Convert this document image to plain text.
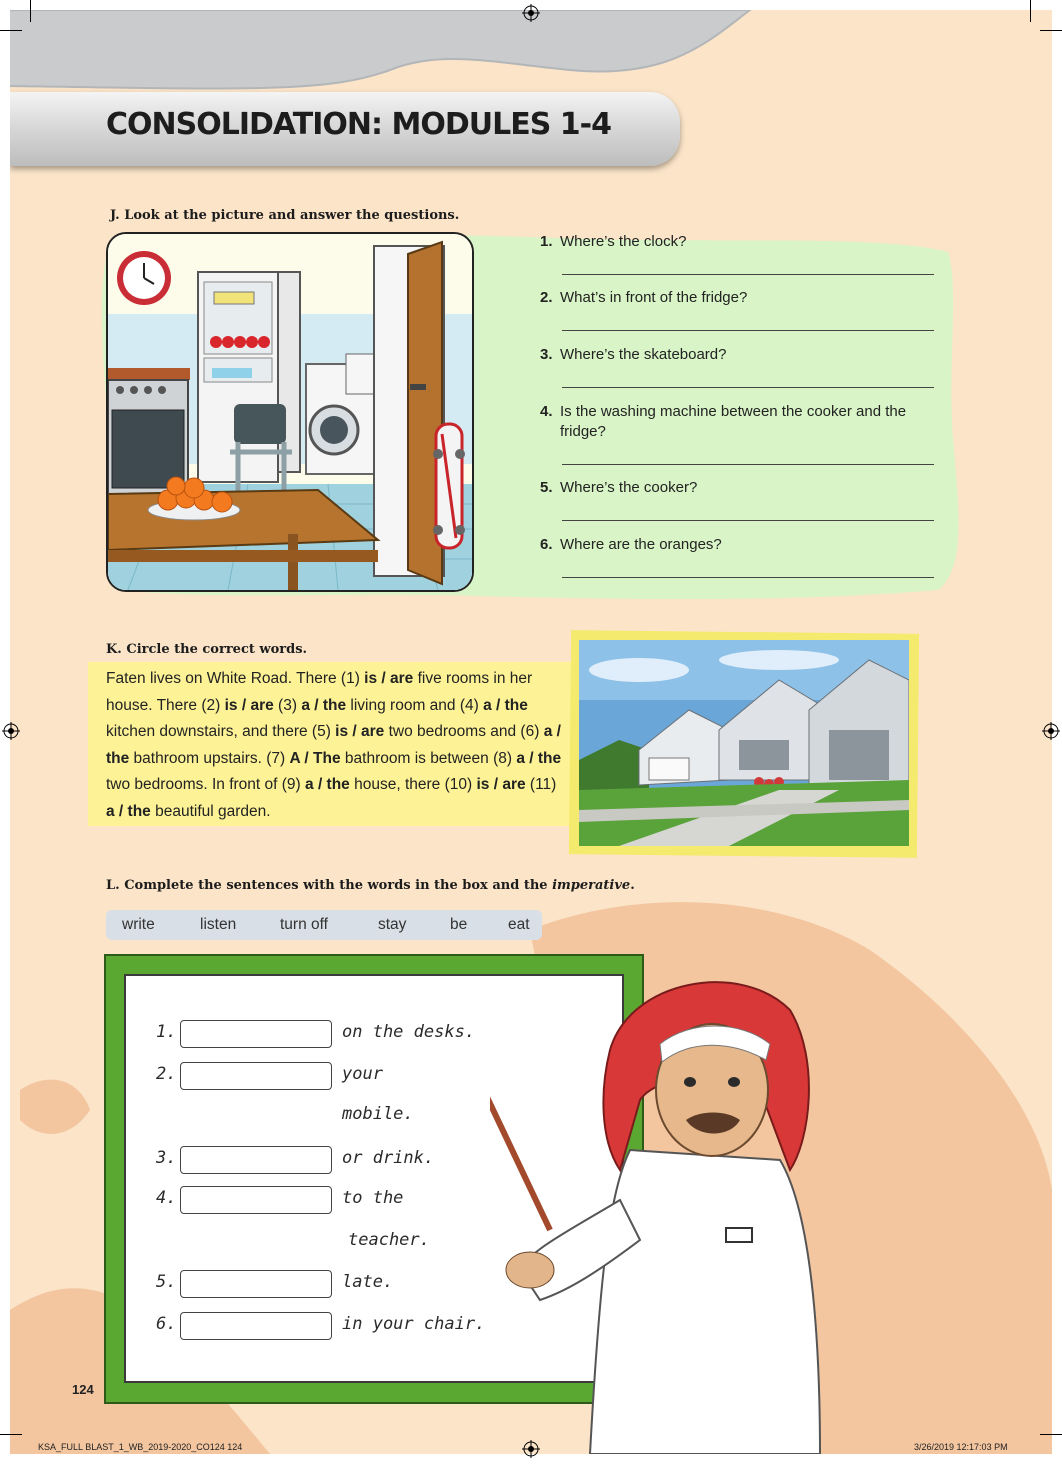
CONSOLIDATION: MODULES 1-4
J. Look at the picture and answer the questions.
1. Where’s the clock?
2. What’s in front of the fridge?
3. Where’s the skateboard?
4. Is the washing machine between the cooker and the fridge?
5. Where’s the cooker?
6. Where are the oranges?
K. Circle the correct words.
Faten lives on White Road. There (1) is / are five rooms in her house. There (2) is / are (3) a / the living room and (4) a / the kitchen downstairs, and there (5) is / are two bedrooms and (6) a / the bathroom upstairs. (7) A / The bathroom is between (8) a / the two bedrooms. In front of (9) a / the house, there (10) is / are (11) a / the beautiful garden.
L. Complete the sentences with the words in the box and the imperative.
write	listen	turn off	stay	be	eat
1.	on the desks.
2.	your
mobile.
3.	or drink.
4.	to the
teacher.
5.	late.
6.	in your chair.
124
KSA_FULL BLAST_1_WB_2019-2020_CO124 124	3/26/2019 12:17:03 PM
